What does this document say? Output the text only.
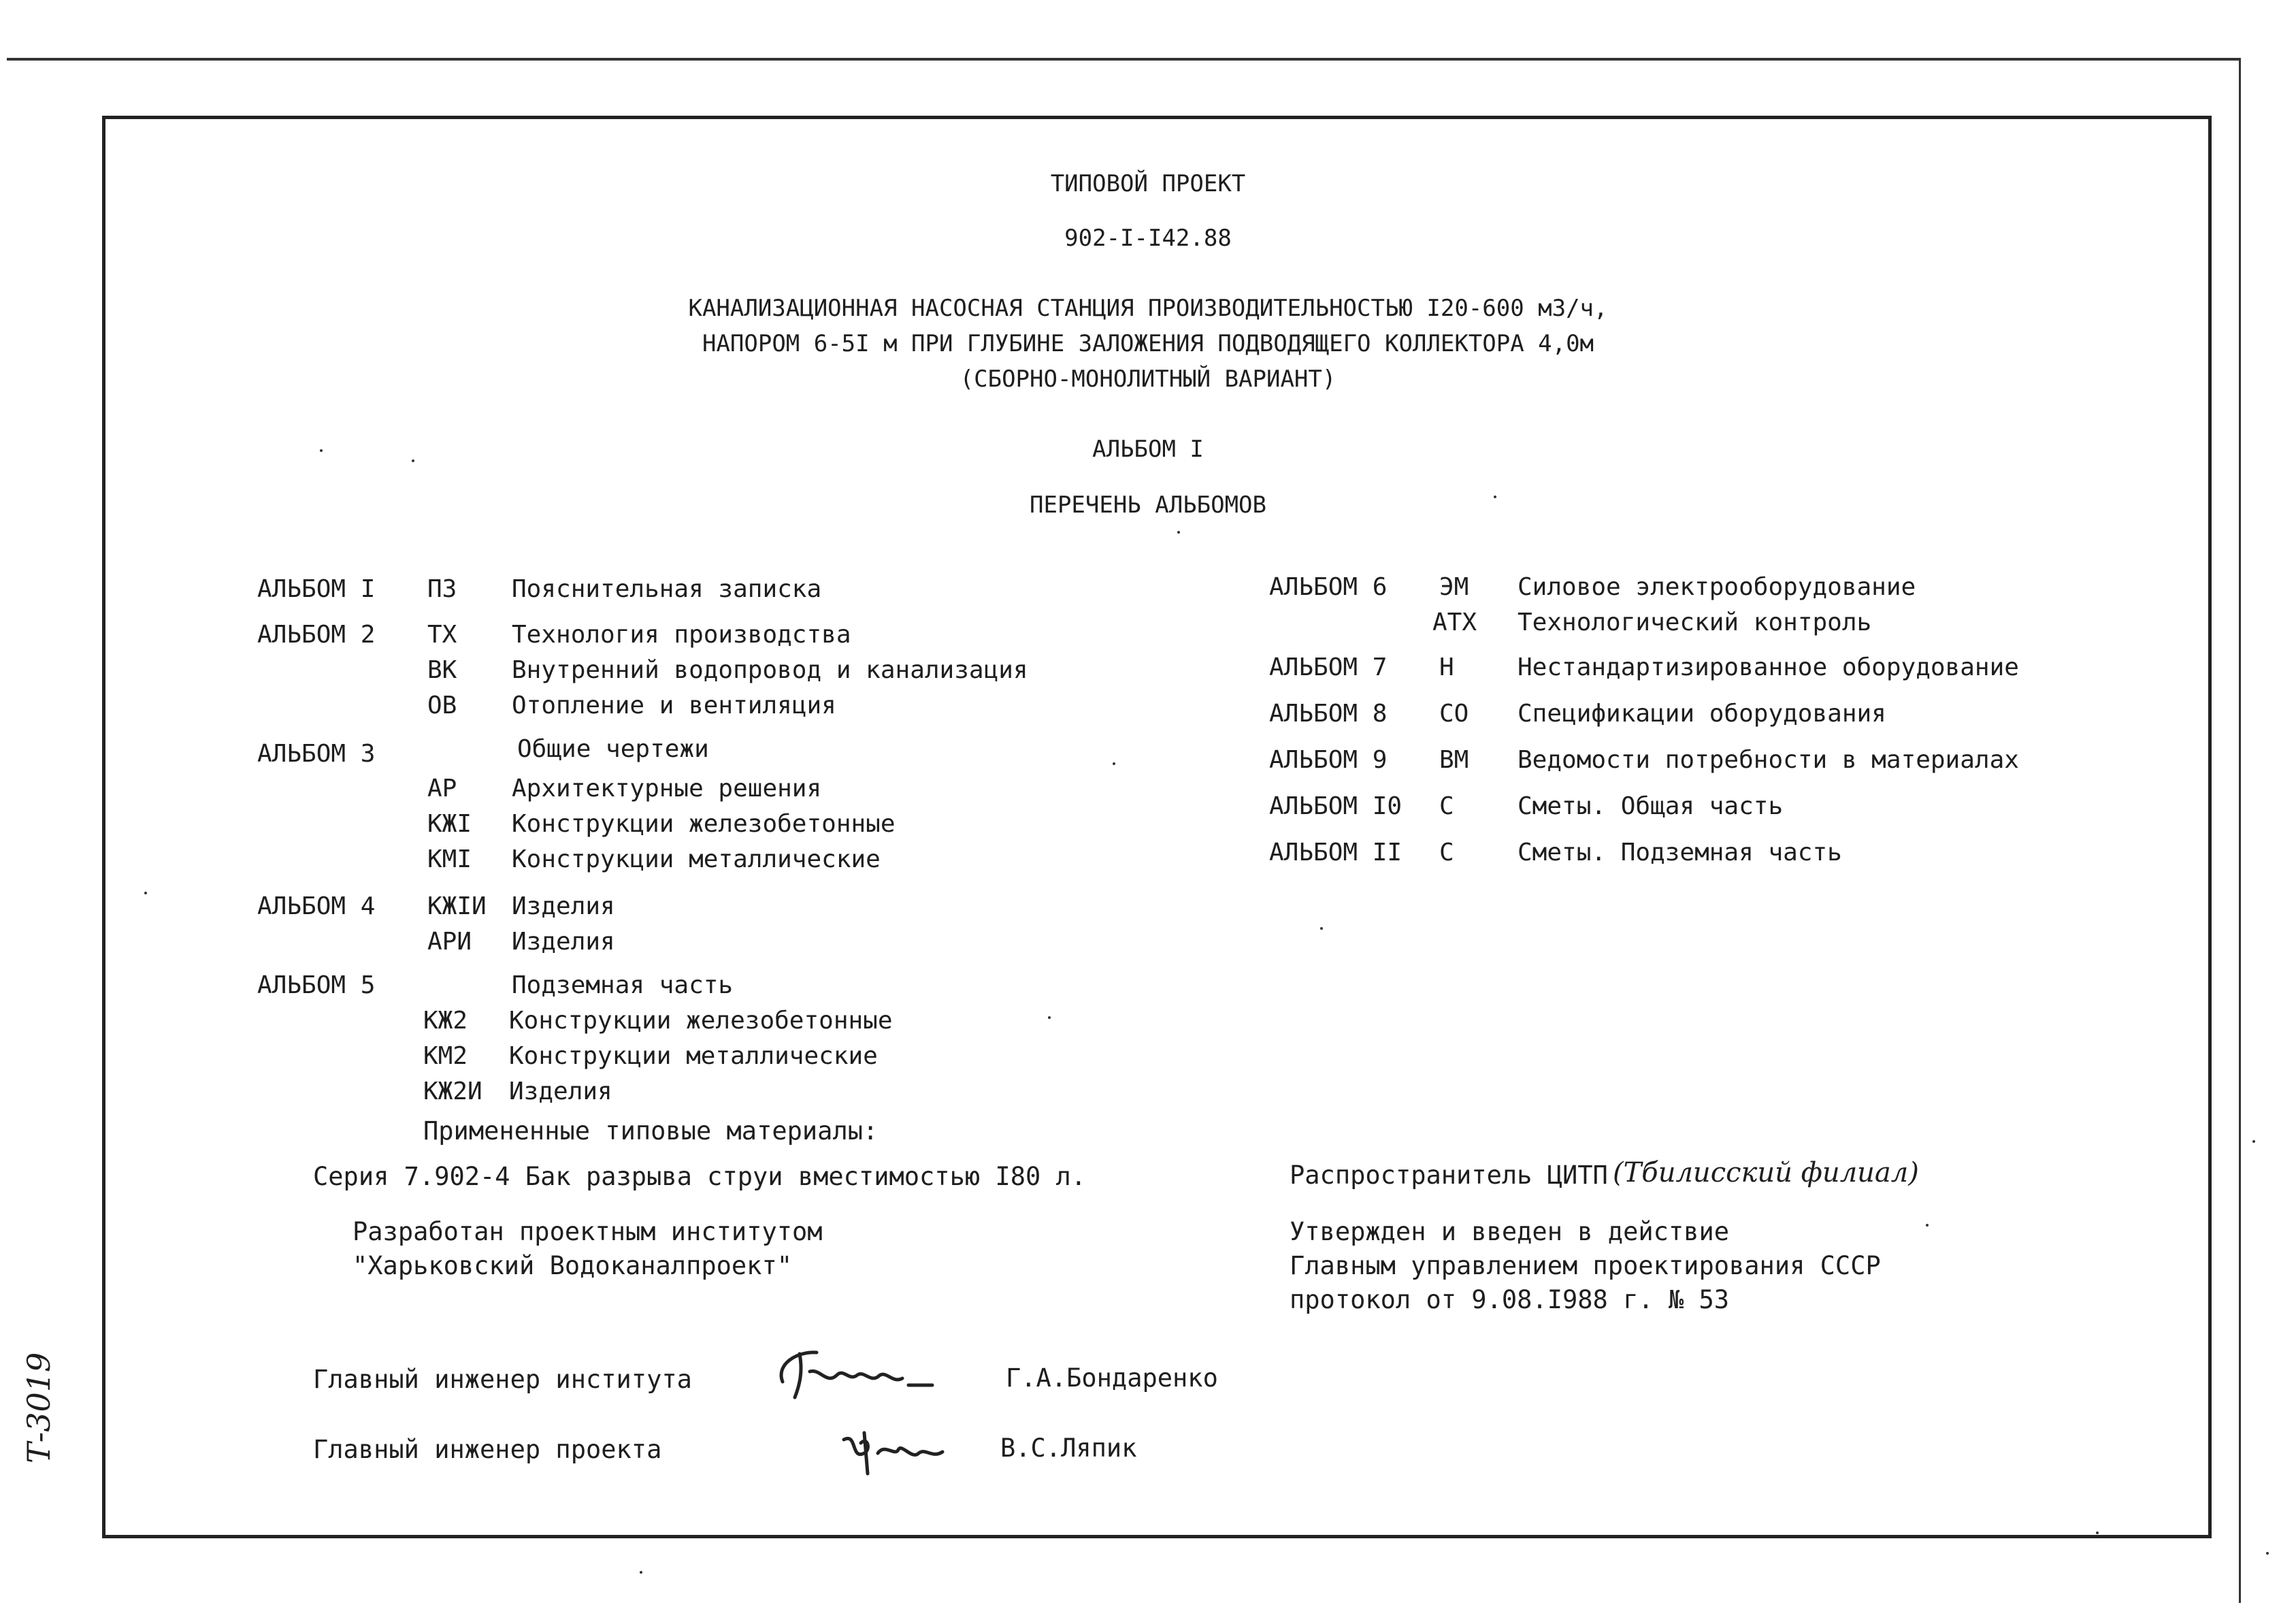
ТИПОВОЙ ПРОЕКТ
902-I-I42.88
КАНАЛИЗАЦИОННАЯ НАСОСНАЯ СТАНЦИЯ ПРОИЗВОДИТЕЛЬНОСТЬЮ I20-600 м3/ч,
НАПОРОМ 6-5I м ПРИ ГЛУБИНЕ ЗАЛОЖЕНИЯ ПОДВОДЯЩЕГО КОЛЛЕКТОРА 4,0м
(СБОРНО-МОНОЛИТНЫЙ ВАРИАНТ)
АЛЬБОМ I
ПЕРЕЧЕНЬ АЛЬБОМОВ
АЛЬБОМ I ПЗ Пояснительная записка
АЛЬБОМ 2 ТХ Технология производства
ВК Внутренний водопровод и канализация
ОВ Отопление и вентиляция
АЛЬБОМ 3	Общие чертежи
АР Архитектурные решения
КЖI Конструкции железобетонные
КМI Конструкции металлические
АЛЬБОМ 4 КЖIИ Изделия
АРИ Изделия
АЛЬБОМ 5	Подземная часть
КЖ2 Конструкции железобетонные
КМ2 Конструкции металлические
КЖ2И Изделия
АЛЬБОМ 6 ЭМ Силовое электрооборудование
АТХ Технологический контроль
АЛЬБОМ 7 Н	Нестандартизированное оборудование
АЛЬБОМ 8 СО Спецификации оборудования
АЛЬБОМ 9 ВМ Ведомости потребности в материалах
АЛЬБОМ I0 С	Сметы. Общая часть
АЛЬБОМ II С	Сметы. Подземная часть
Примененные типовые материалы:
Серия 7.902-4 Бак разрыва струи вместимостью I80 л.
Разработан проектным институтом
"Харьковский Водоканалпроект"
Распространитель ЦИТП (Тбилисский филиал)
Утвержден и введен в действие
Главным управлением проектирования СССР
протокол от 9.08.I988 г. № 53
Главный инженер института	Г.А.Бондаренко
Главный инженер проекта	В.С.Ляпик
Т-3019
